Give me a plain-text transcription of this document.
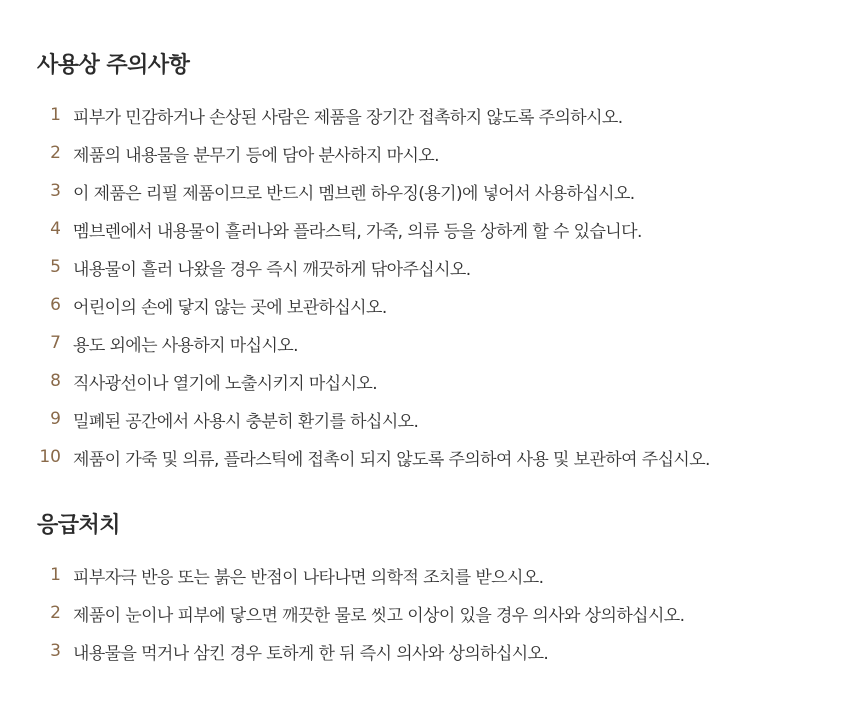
사용상 주의사항
1 피부가 민감하거나 손상된 사람은 제품을 장기간 접촉하지 않도록 주의하시오.
2 제품의 내용물을 분무기 등에 담아 분사하지 마시오.
3 이 제품은 리필 제품이므로 반드시 멤브렌 하우징(용기)에 넣어서 사용하십시오.
4 멤브렌에서 내용물이 흘러나와 플라스틱, 가죽, 의류 등을 상하게 할 수 있습니다.
5 내용물이 흘러 나왔을 경우 즉시 깨끗하게 닦아주십시오.
6 어린이의 손에 닿지 않는 곳에 보관하십시오.
7 용도 외에는 사용하지 마십시오.
8 직사광선이나 열기에 노출시키지 마십시오.
9 밀폐된 공간에서 사용시 충분히 환기를 하십시오.
10 제품이 가죽 및 의류, 플라스틱에 접촉이 되지 않도록 주의하여 사용 및 보관하여 주십시오.
응급처치
1 피부자극 반응 또는 붉은 반점이 나타나면 의학적 조치를 받으시오.
2 제품이 눈이나 피부에 닿으면 깨끗한 물로 씻고 이상이 있을 경우 의사와 상의하십시오.
3 내용물을 먹거나 삼킨 경우 토하게 한 뒤 즉시 의사와 상의하십시오.
